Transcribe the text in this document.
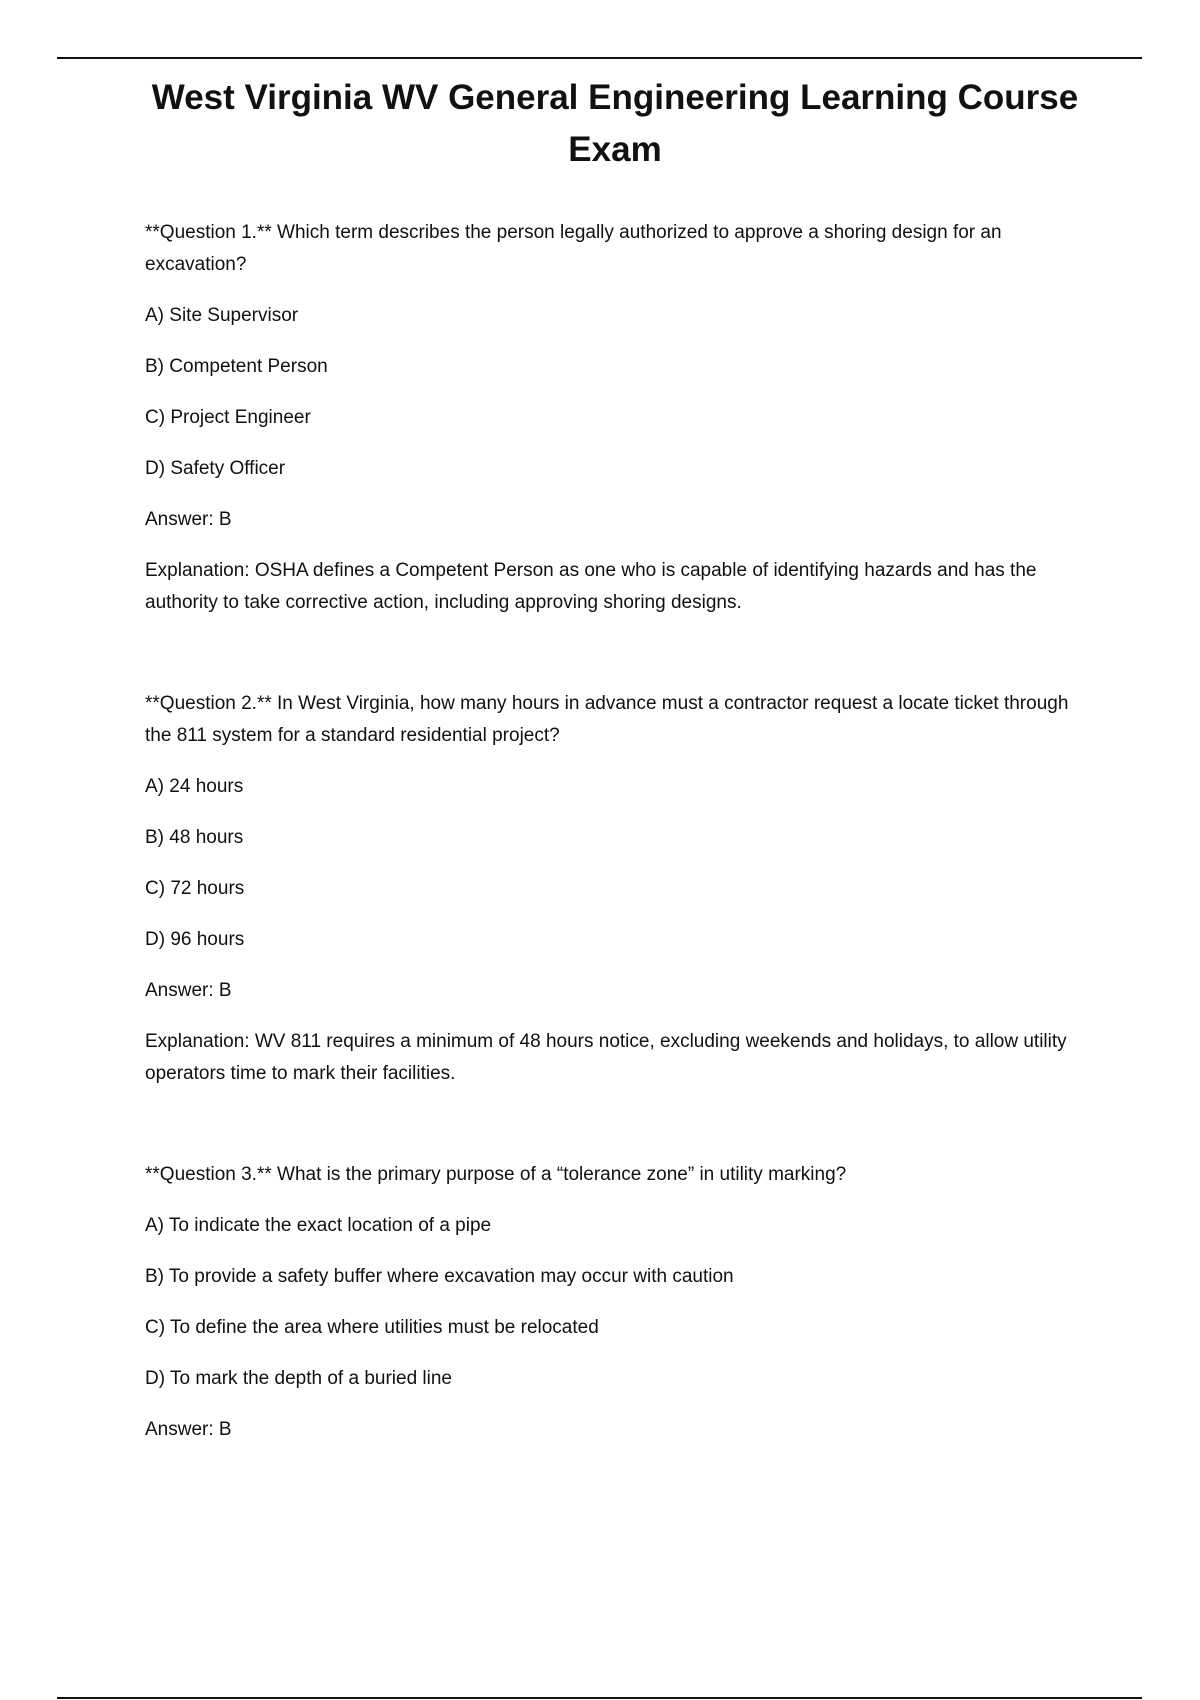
West Virginia WV General Engineering Learning Course Exam

**Question 1.** Which term describes the person legally authorized to approve a shoring design for an excavation?

A) Site Supervisor

B) Competent Person

C) Project Engineer

D) Safety Officer

Answer: B

Explanation: OSHA defines a Competent Person as one who is capable of identifying hazards and has the authority to take corrective action, including approving shoring designs.

**Question 2.** In West Virginia, how many hours in advance must a contractor request a locate ticket through the 811 system for a standard residential project?

A) 24 hours

B) 48 hours

C) 72 hours

D) 96 hours

Answer: B

Explanation: WV 811 requires a minimum of 48 hours notice, excluding weekends and holidays, to allow utility operators time to mark their facilities.

**Question 3.** What is the primary purpose of a “tolerance zone” in utility marking?

A) To indicate the exact location of a pipe

B) To provide a safety buffer where excavation may occur with caution

C) To define the area where utilities must be relocated

D) To mark the depth of a buried line

Answer: B
